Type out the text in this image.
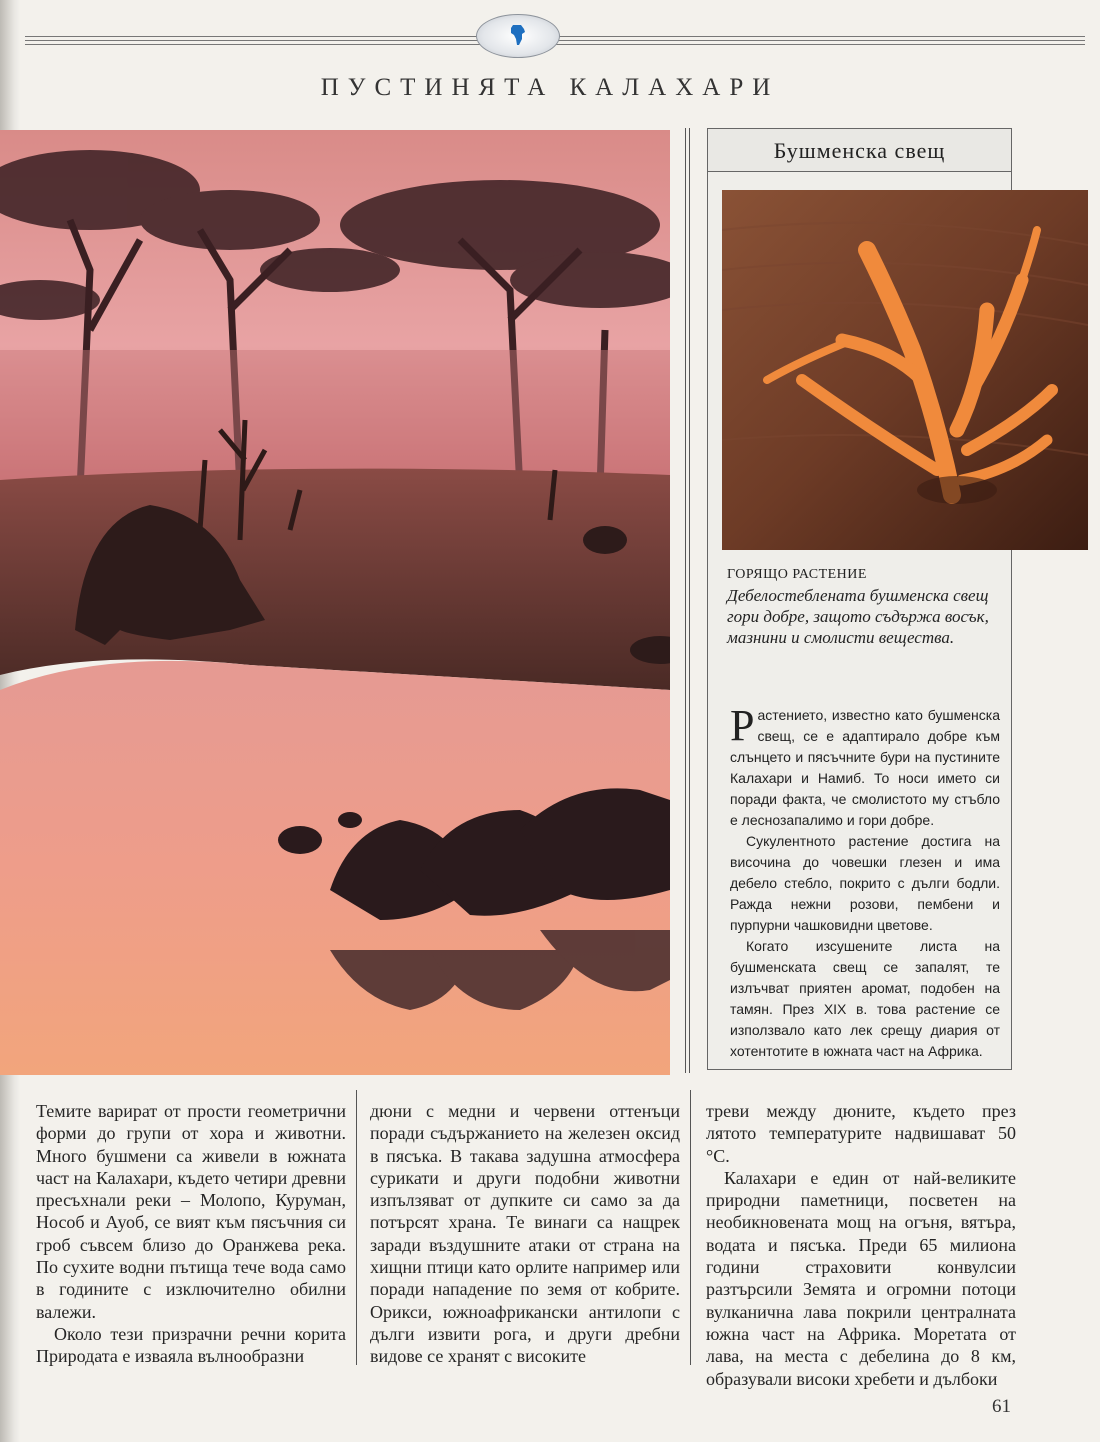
ПУСТИНЯТА КАЛАХАРИ
Бушменска свещ
ГОРЯЩО РАСТЕНИЕ Дебелостеблената бушменска свещ гори добре, защото съдържа восък, мазнини и смолисти вещества.

Растението, известно като бушменска свещ, се е адаптирало добре към слънцето и пясъчните бури на пустините Калахари и Намиб. То носи името си поради факта, че смолистото му стъбло е леснозапалимо и гори добре.

Сукулентното растение достига на височина до човешки глезен и има дебело стебло, покрито с дълги бодли. Ражда нежни розови, пембени и пурпурни чашковидни цветове.

Когато изсушените листа на бушменската свещ се запалят, те излъчват приятен аромат, подобен на тамян. През XIX в. това растение се използвало като лек срещу диария от хотентотите в южната част на Африка.

Темите варират от прости геометрични форми до групи от хора и животни. Много бушмени са живели в южната част на Калахари, където четири древни пресъхнали реки – Молопо, Куруман, Нособ и Ауоб, се вият към пясъчния си гроб съвсем близо до Оранжева река. По сухите водни пътища тече вода само в годините с изключително обилни валежи.

Около тези призрачни речни корита Природата е изваяла вълнообразни

дюни с медни и червени оттенъци поради съдържанието на железен оксид в пясъка. В такава задушна атмосфера сурикати и други подобни животни изпълзяват от дупките си само за да потърсят храна. Те винаги са нащрек заради въздушните атаки от страна на хищни птици като орлите например или поради нападение по земя от кобрите. Орикси, южноафрикански антилопи с дълги извити рога, и други дребни видове се хранят с високите

треви между дюните, където през лятото температурите надвишават 50 °C.

Калахари е един от най-великите природни паметници, посветен на необикновената мощ на огъня, вятъра, водата и пясъка. Преди 65 милиона години страховити конвулсии разтърсили Земята и огромни потоци вулканична лава покрили централната южна част на Африка. Моретата от лава, на места с дебелина до 8 км, образували високи хребети и дълбоки

61
